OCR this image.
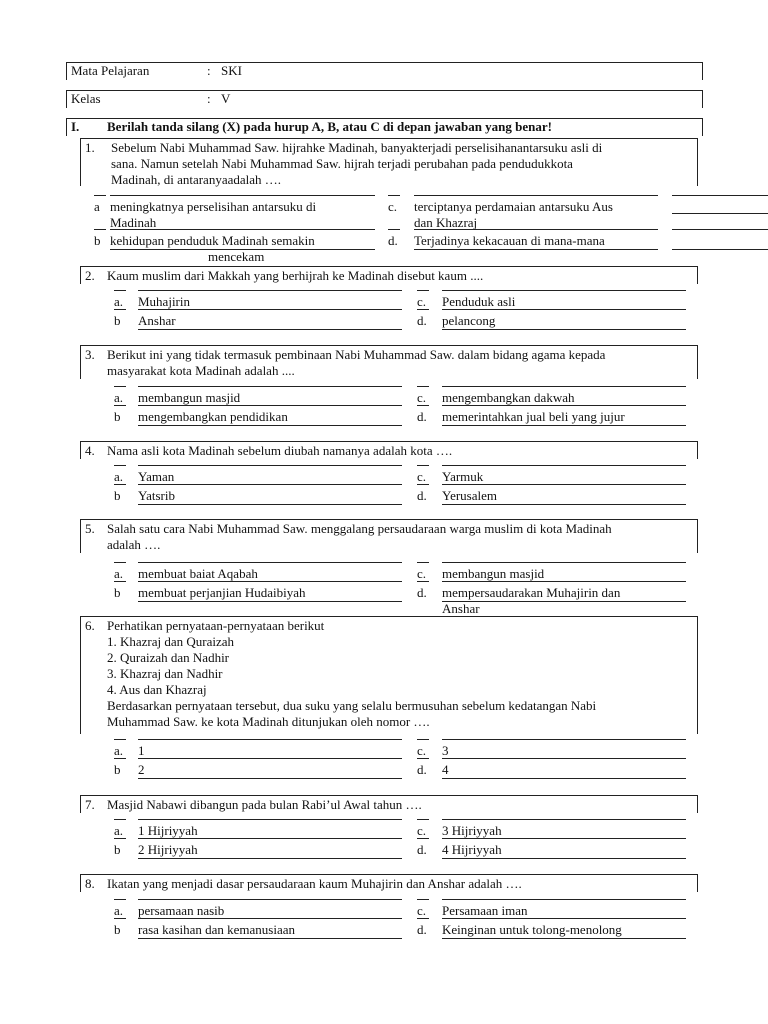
Mata Pelajaran	: SKI
Kelas	: V
I. Berilah tanda silang (X) pada hurup A, B, atau C di depan jawaban yang benar!
1. Sebelum Nabi Muhammad Saw. hijrahke Madinah, banyakterjadi perselisihanantarsuku asli di
sana. Namun setelah Nabi Muhammad Saw. hijrah terjadi perubahan pada pendudukkota
Madinah, di antaranyaadalah ….
a meningkatnya perselisihan antarsuku di
Madinah
b kehidupan penduduk Madinah semakin
mencekam
c. terciptanya perdamaian antarsuku Aus
dan Khazraj
d. Terjadinya kekacauan di mana-mana
2. Kaum muslim dari Makkah yang berhijrah ke Madinah disebut kaum ....
a. Muhajirin
b Anshar
c. Penduduk asli
d. pelancong
3. Berikut ini yang tidak termasuk pembinaan Nabi Muhammad Saw. dalam bidang agama kepada
masyarakat kota Madinah adalah ....
a. membangun masjid
b mengembangkan pendidikan
c. mengembangkan dakwah
d. memerintahkan jual beli yang jujur
4. Nama asli kota Madinah sebelum diubah namanya adalah kota ….
a. Yaman
b Yatsrib
c. Yarmuk
d. Yerusalem
5. Salah satu cara Nabi Muhammad Saw. menggalang persaudaraan warga muslim di kota Madinah
adalah ….
a. membuat baiat Aqabah
b membuat perjanjian Hudaibiyah
c. membangun masjid
d. mempersaudarakan Muhajirin dan
Anshar
6. Perhatikan pernyataan-pernyataan berikut
1. Khazraj dan Quraizah
2. Quraizah dan Nadhir
3. Khazraj dan Nadhir
4. Aus dan Khazraj
Berdasarkan pernyataan tersebut, dua suku yang selalu bermusuhan sebelum kedatangan Nabi
Muhammad Saw. ke kota Madinah ditunjukan oleh nomor ….
a. 1
b 2
c. 3
d. 4
7. Masjid Nabawi dibangun pada bulan Rabi’ul Awal tahun ….
a. 1 Hijriyyah
b 2 Hijriyyah
c. 3 Hijriyyah
d. 4 Hijriyyah
8. Ikatan yang menjadi dasar persaudaraan kaum Muhajirin dan Anshar adalah ….
a. persamaan nasib
b rasa kasihan dan kemanusiaan
c. Persamaan iman
d. Keinginan untuk tolong-menolong
